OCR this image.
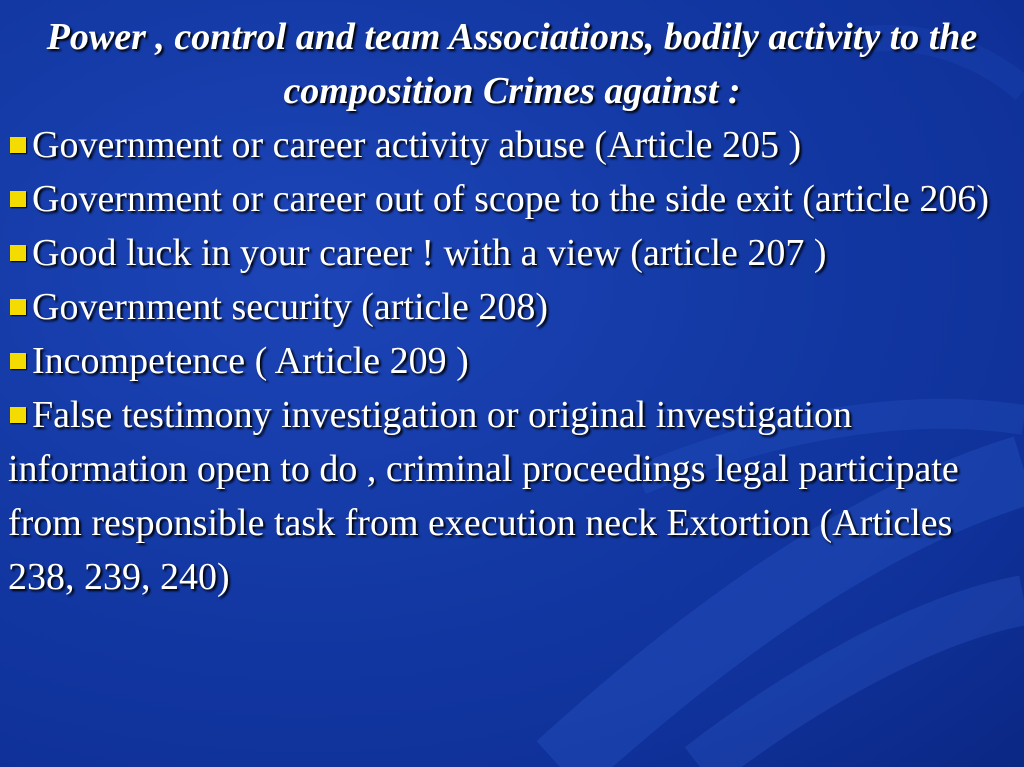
Power , control and team Associations, bodily activity to the composition Crimes against :

Government or career activity abuse (Article 205 )
Government or career out of scope to the side exit (article 206)
Good luck in your career ! with a view (article 207 )
Government security (article 208)
Incompetence ( Article 209 )
False testimony investigation or original investigation information open to do , criminal proceedings legal participate from responsible task from execution neck Extortion (Articles 238, 239, 240)
